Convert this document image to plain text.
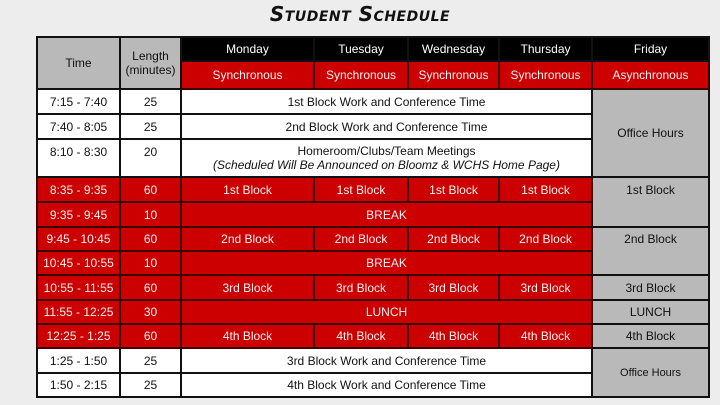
Student Schedule
Time	Length (minutes)	Monday	Tuesday	Wednesday	Thursday	Friday
		Synchronous	Synchronous	Synchronous	Synchronous	Asynchronous
7:15 - 7:40	25	1st Block Work and Conference Time				Office Hours
7:40 - 8:05	25	2nd Block Work and Conference Time				
8:10 - 8:30	20	Homeroom/Clubs/Team Meetings
(Scheduled Will Be Announced on Bloomz & WCHS Home Page)				

8:35 - 9:35	60	1st Block	1st Block	1st Block	1st Block	1st Block
9:35 - 9:45	10	BREAK				
9:45 - 10:45	60	2nd Block	2nd Block	2nd Block	2nd Block	2nd Block
10:45 - 10:55	10	BREAK				
10:55 - 11:55	60	3rd Block	3rd Block	3rd Block	3rd Block	3rd Block
11:55 - 12:25	30	LUNCH				LUNCH
12:25 - 1:25	60	4th Block	4th Block	4th Block	4th Block	4th Block
1:25 - 1:50	25	3rd Block Work and Conference Time				Office Hours
1:50 - 2:15	25	4th Block Work and Conference Time				
